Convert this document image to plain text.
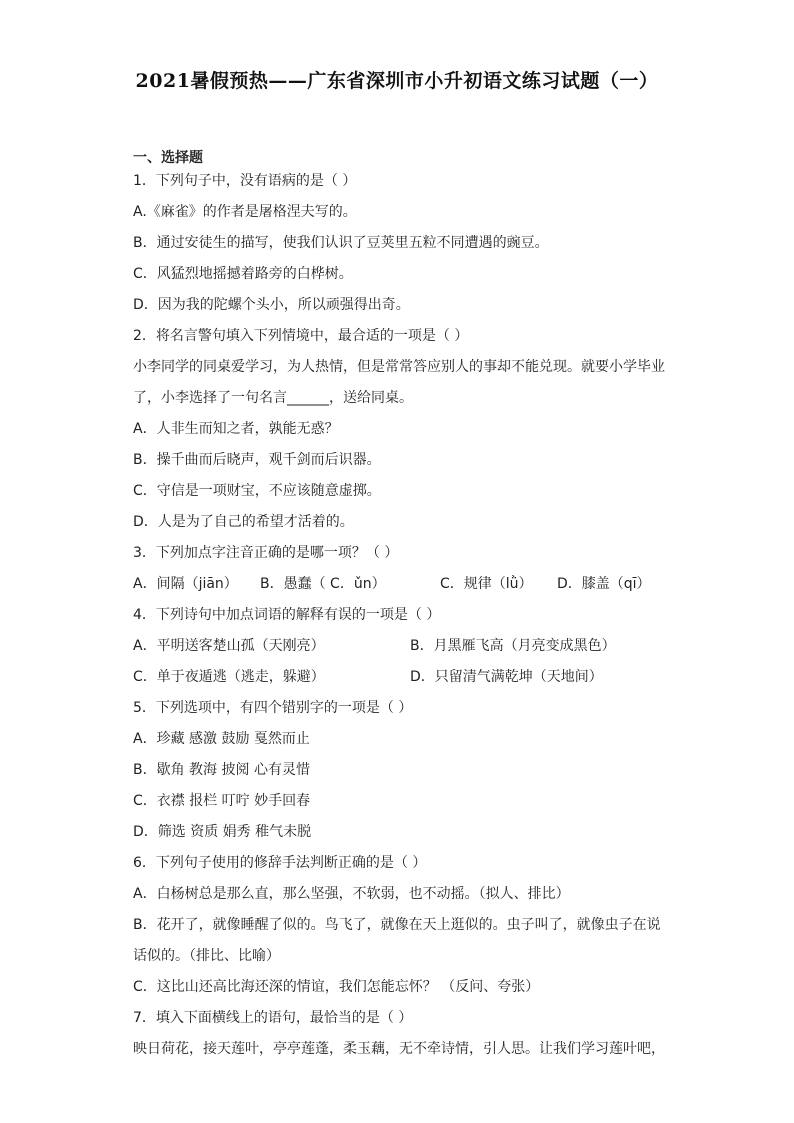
2021暑假预热——广东省深圳市小升初语文练习试题（一）
一、选择题
1．下列句子中，没有语病的是（ ）
A.《麻雀》的作者是屠格涅夫写的。
B．通过安徒生的描写，使我们认识了豆荚里五粒不同遭遇的豌豆。
C．风猛烈地摇撼着路旁的白桦树。
D．因为我的陀螺个头小，所以顽强得出奇。
2．将名言警句填入下列情境中，最合适的一项是（ ）
小李同学的同桌爱学习，为人热情，但是常常答应别人的事却不能兑现。就要小学毕业
了，小李选择了一句名言______，送给同桌。
A．人非生而知之者，孰能无惑？
B．操千曲而后晓声，观千剑而后识器。
C．守信是一项财宝，不应该随意虚掷。
D．人是为了自己的希望才活着的。
3．下列加点字注音正确的是哪一项？（ ）
A．间隔（jiān） B．愚蠢（ C．ǔn）	C．规律（lǜ） D．膝盖（qī）
4．下列诗句中加点词语的解释有误的一项是（ ）
A．平明送客楚山孤（天刚亮）	B．月黑雁飞高（月亮变成黑色）
C．单于夜遁逃（逃走，躲避）	D．只留清气满乾坤（天地间）
5．下列选项中，有四个错别字的一项是（ ）
A．珍藏 感激 鼓励 戛然而止
B．歇角 教海 披阅 心有灵惜
C．衣襟 报栏 叮咛 妙手回春
D．筛选 资质 娟秀 稚气未脱
6．下列句子使用的修辞手法判断正确的是（ ）
A．白杨树总是那么直，那么坚强，不软弱，也不动摇。（拟人、排比）
B．花开了，就像睡醒了似的。鸟飞了，就像在天上逛似的。虫子叫了，就像虫子在说
话似的。（排比、比喻）
C．这比山还高比海还深的情谊，我们怎能忘怀？ （反问、夸张）
7．填入下面横线上的语句，最恰当的是（ ）
映日荷花，接天莲叶，亭亭莲蓬，柔玉藕，无不牵诗情，引人思。让我们学习莲叶吧，
